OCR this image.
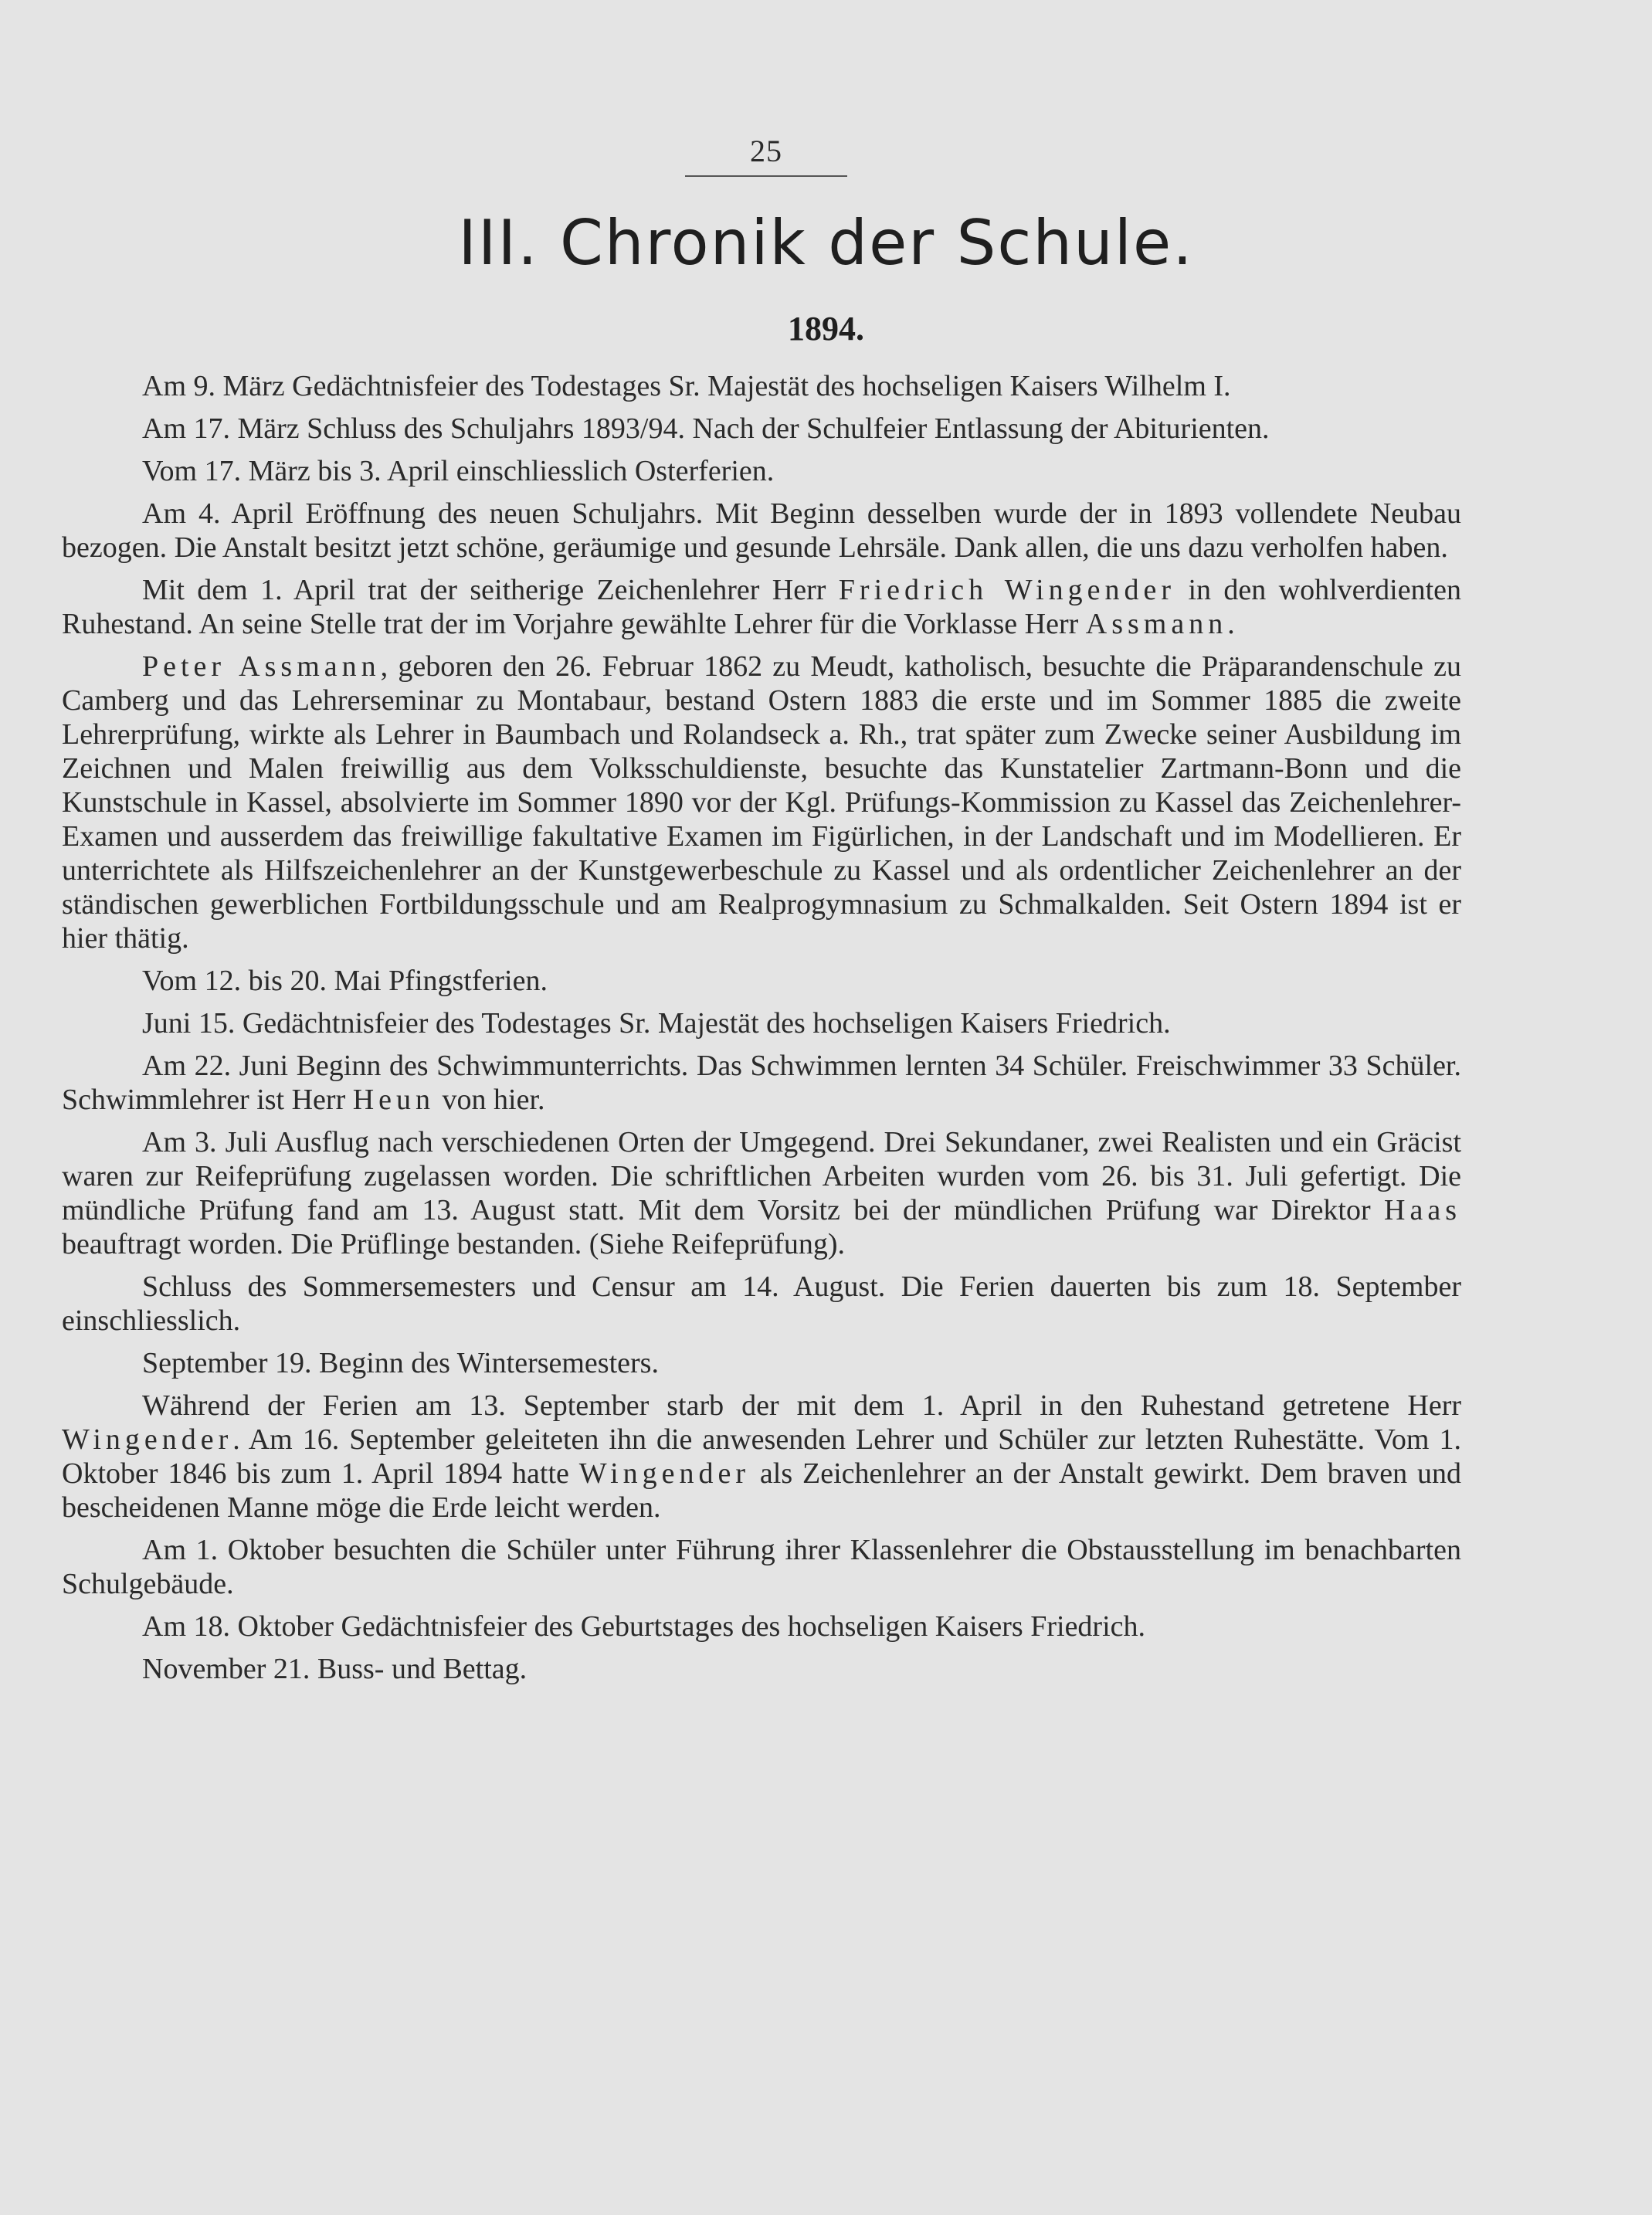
25
III. Chronik der Schule.
1894.

Am 9. März Gedächtnisfeier des Todestages Sr. Majestät des hochseligen Kaisers Wilhelm I.

Am 17. März Schluss des Schuljahrs 1893/94. Nach der Schulfeier Entlassung der Abiturienten.

Vom 17. März bis 3. April einschliesslich Osterferien.

Am 4. April Eröffnung des neuen Schuljahrs. Mit Beginn desselben wurde der in 1893 vollendete Neubau bezogen. Die Anstalt besitzt jetzt schöne, geräumige und gesunde Lehrsäle. Dank allen, die uns dazu verholfen haben.

Mit dem 1. April trat der seitherige Zeichenlehrer Herr Friedrich Wingender in den wohlverdienten Ruhestand. An seine Stelle trat der im Vorjahre gewählte Lehrer für die Vorklasse Herr Assmann.

Peter Assmann, geboren den 26. Februar 1862 zu Meudt, katholisch, besuchte die Präparandenschule zu Camberg und das Lehrerseminar zu Montabaur, bestand Ostern 1883 die erste und im Sommer 1885 die zweite Lehrerprüfung, wirkte als Lehrer in Baumbach und Rolandseck a. Rh., trat später zum Zwecke seiner Ausbildung im Zeichnen und Malen freiwillig aus dem Volksschuldienste, besuchte das Kunstatelier Zartmann-Bonn und die Kunstschule in Kassel, absolvierte im Sommer 1890 vor der Kgl. Prüfungs-Kommission zu Kassel das Zeichenlehrer-Examen und ausserdem das freiwillige fakultative Examen im Figürlichen, in der Landschaft und im Modellieren. Er unterrichtete als Hilfszeichenlehrer an der Kunstgewerbeschule zu Kassel und als ordentlicher Zeichenlehrer an der ständischen gewerblichen Fortbildungsschule und am Realprogymnasium zu Schmalkalden. Seit Ostern 1894 ist er hier thätig.

Vom 12. bis 20. Mai Pfingstferien.

Juni 15. Gedächtnisfeier des Todestages Sr. Majestät des hochseligen Kaisers Friedrich.

Am 22. Juni Beginn des Schwimmunterrichts. Das Schwimmen lernten 34 Schüler. Freischwimmer 33 Schüler. Schwimmlehrer ist Herr Heun von hier.

Am 3. Juli Ausflug nach verschiedenen Orten der Umgegend. Drei Sekundaner, zwei Realisten und ein Gräcist waren zur Reifeprüfung zugelassen worden. Die schriftlichen Arbeiten wurden vom 26. bis 31. Juli gefertigt. Die mündliche Prüfung fand am 13. August statt. Mit dem Vorsitz bei der mündlichen Prüfung war Direktor Haas beauftragt worden. Die Prüflinge bestanden. (Siehe Reifeprüfung).

Schluss des Sommersemesters und Censur am 14. August. Die Ferien dauerten bis zum 18. September einschliesslich.

September 19. Beginn des Wintersemesters.

Während der Ferien am 13. September starb der mit dem 1. April in den Ruhestand getretene Herr Wingender. Am 16. September geleiteten ihn die anwesenden Lehrer und Schüler zur letzten Ruhestätte. Vom 1. Oktober 1846 bis zum 1. April 1894 hatte Wingender als Zeichenlehrer an der Anstalt gewirkt. Dem braven und bescheidenen Manne möge die Erde leicht werden.

Am 1. Oktober besuchten die Schüler unter Führung ihrer Klassenlehrer die Obstausstellung im benachbarten Schulgebäude.

Am 18. Oktober Gedächtnisfeier des Geburtstages des hochseligen Kaisers Friedrich.

November 21. Buss- und Bettag.
